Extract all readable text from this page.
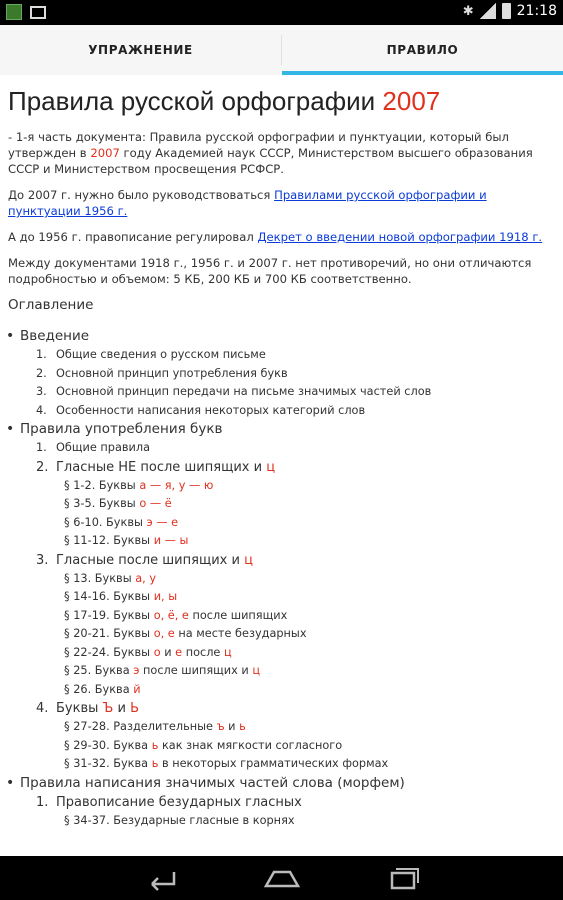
✱	21:18
УПРАЖНЕНИЕ	ПРАВИЛО
Правила русской орфографии 2007

- 1-я часть документа: Правила русской орфографии и пунктуации, который был утвержден в 2007 году Академией наук СССР, Министерством высшего образования СССР и Министерством просвещения РСФСР.

До 2007 г. нужно было руководствоваться Правилами русской орфографии и пунктуации 1956 г.

А до 1956 г. правописание регулировал Декрет о введении новой орфографии 1918 г.

Между документами 1918 г., 1956 г. и 2007 г. нет противоречий, но они отличаются подробностью и объемом: 5 КБ, 200 КБ и 700 КБ соответственно.

Оглавление
• Введение
1. Общие сведения о русском письме
2. Основной принцип употребления букв
3. Основной принцип передачи на письме значимых частей слов
4. Особенности написания некоторых категорий слов
• Правила употребления букв
1. Общие правила
2. Гласные НЕ после шипящих и ц
§ 1-2. Буквы а — я, у — ю
§ 3-5. Буквы о — ё
§ 6-10. Буквы э — е
§ 11-12. Буквы и — ы
3. Гласные после шипящих и ц
§ 13. Буквы а, у
§ 14-16. Буквы и, ы
§ 17-19. Буквы о, ё, е после шипящих
§ 20-21. Буквы о, е на месте безударных
§ 22-24. Буквы о и е после ц
§ 25. Буква э после шипящих и ц
§ 26. Буква й
4. Буквы Ъ и Ь
§ 27-28. Разделительные ъ и ь
§ 29-30. Буква ь как знак мягкости согласного
§ 31-32. Буква ь в некоторых грамматических формах
• Правила написания значимых частей слова (морфем)
1. Правописание безударных гласных
§ 34-37. Безударные гласные в корнях
